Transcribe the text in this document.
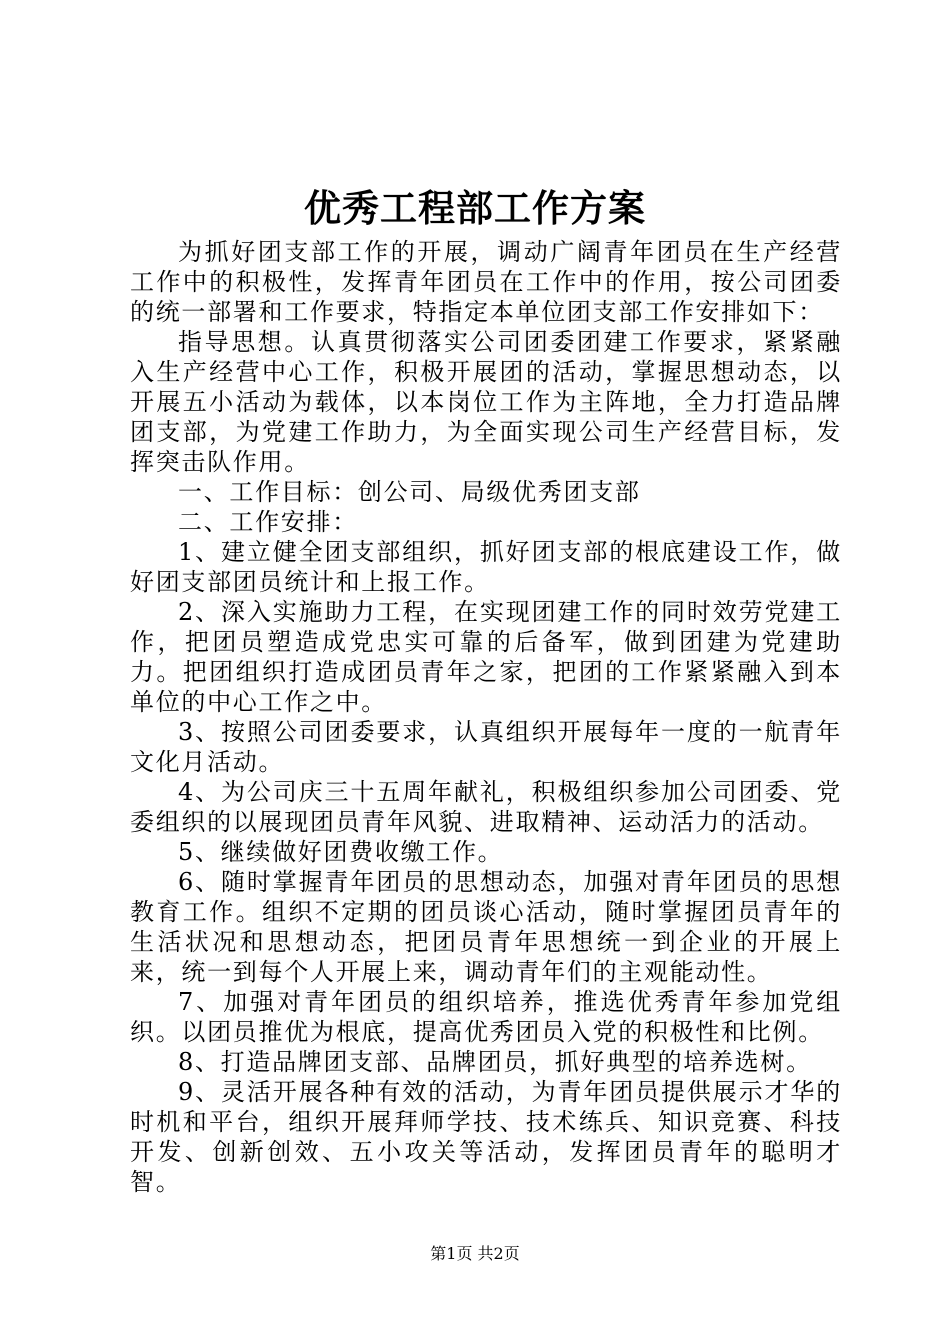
优秀工程部工作方案

为抓好团支部工作的开展，调动广阔青年团员在生产经营工作中的积极性，发挥青年团员在工作中的作用，按公司团委的统一部署和工作要求，特指定本单位团支部工作安排如下：

指导思想。认真贯彻落实公司团委团建工作要求，紧紧融入生产经营中心工作，积极开展团的活动，掌握思想动态，以开展五小活动为载体，以本岗位工作为主阵地，全力打造品牌团支部，为党建工作助力，为全面实现公司生产经营目标，发挥突击队作用。

一、工作目标：创公司、局级优秀团支部

二、工作安排：

1、建立健全团支部组织，抓好团支部的根底建设工作，做好团支部团员统计和上报工作。

2、深入实施助力工程，在实现团建工作的同时效劳党建工作，把团员塑造成党忠实可靠的后备军，做到团建为党建助力。把团组织打造成团员青年之家，把团的工作紧紧融入到本单位的中心工作之中。

3、按照公司团委要求，认真组织开展每年一度的一航青年文化月活动。

4、为公司庆三十五周年献礼，积极组织参加公司团委、党委组织的以展现团员青年风貌、进取精神、运动活力的活动。

5、继续做好团费收缴工作。

6、随时掌握青年团员的思想动态，加强对青年团员的思想教育工作。组织不定期的团员谈心活动，随时掌握团员青年的生活状况和思想动态，把团员青年思想统一到企业的开展上来，统一到每个人开展上来，调动青年们的主观能动性。

7、加强对青年团员的组织培养，推选优秀青年参加党组织。以团员推优为根底，提高优秀团员入党的积极性和比例。

8、打造品牌团支部、品牌团员，抓好典型的培养选树。

9、灵活开展各种有效的活动，为青年团员提供展示才华的时机和平台，组织开展拜师学技、技术练兵、知识竞赛、科技开发、创新创效、五小攻关等活动，发挥团员青年的聪明才智。

第1页 共2页
